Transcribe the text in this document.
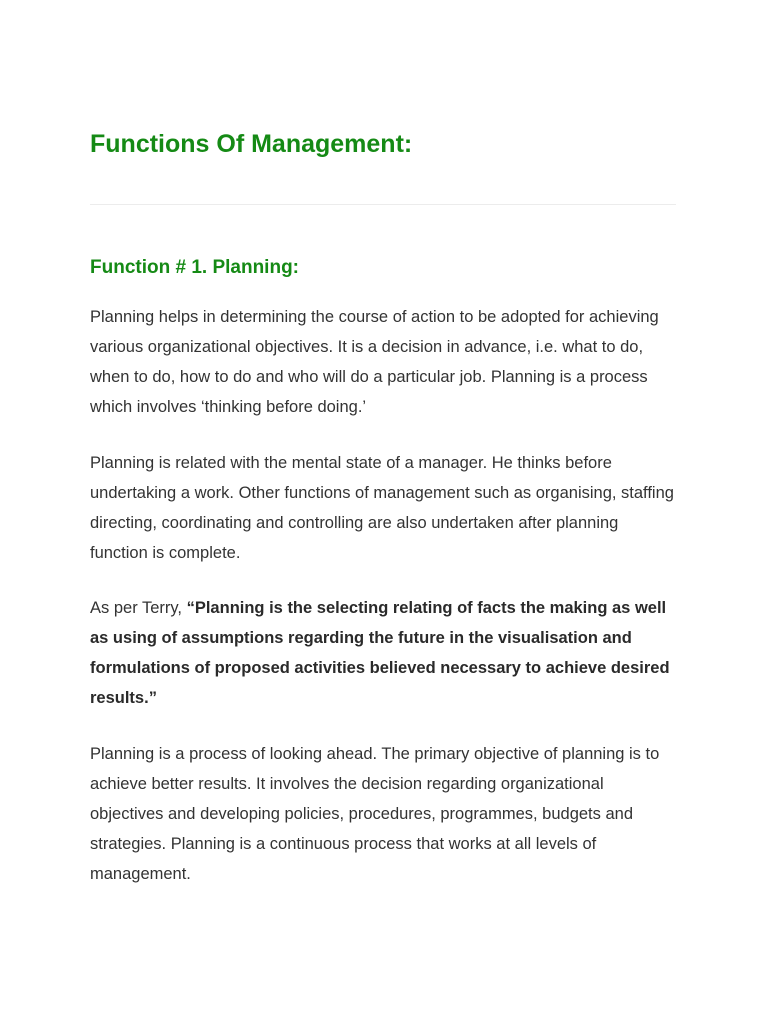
Functions Of Management:
Function # 1. Planning:

Planning helps in determining the course of action to be adopted for achieving various organizational objectives. It is a decision in advance, i.e. what to do, when to do, how to do and who will do a particular job. Planning is a process which involves ‘thinking before doing.’

Planning is related with the mental state of a manager. He thinks before undertaking a work. Other functions of management such as organising, staffing directing, coordinating and controlling are also undertaken after planning function is complete.

As per Terry, “Planning is the selecting relating of facts the making as well as using of assumptions regarding the future in the visualisation and formulations of proposed activities believed necessary to achieve desired results.”

Planning is a process of looking ahead. The primary objective of planning is to achieve better results. It involves the decision regarding organizational objectives and developing policies, procedures, programmes, budgets and strategies. Planning is a continuous process that works at all levels of management.
